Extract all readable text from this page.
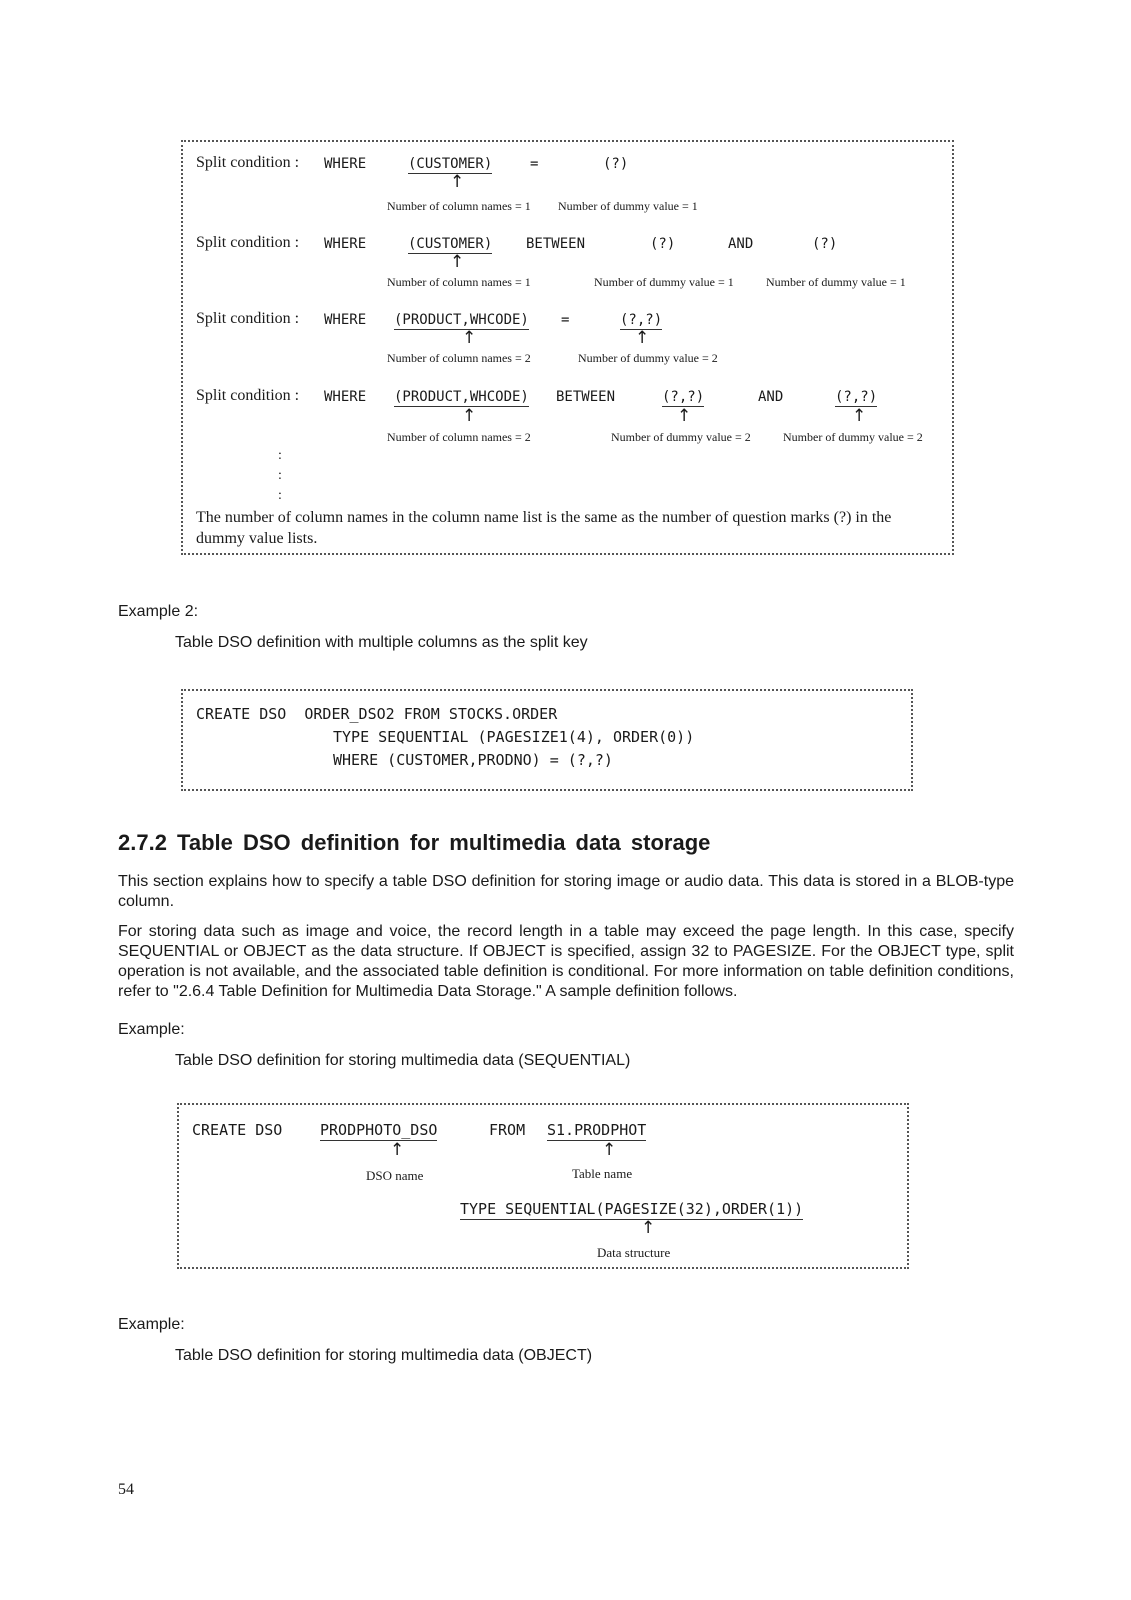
Split condition : WHERE	(CUSTOMER)	=	(?)
↑
Number of column names = 1 Number of dummy value = 1
Split condition : WHERE	(CUSTOMER) BETWEEN	(?)	AND	(?)
↑
Number of column names = 1	Number of dummy value = 1	Number of dummy value = 1
Split condition : WHERE (PRODUCT,WHCODE) =	(?,?)
↑	↑
Number of column names = 2	Number of dummy value = 2
Split condition : WHERE (PRODUCT,WHCODE) BETWEEN	(?,?)	AND	(?,?)
↑	↑	↑
Number of column names = 2	Number of dummy value = 2	Number of dummy value = 2
:
:
:
The number of column names in the column name list is the same as the number of question marks (?) in the dummy value lists.
Example 2:
Table DSO definition with multiple columns as the split key
CREATE DSO  ORDER_DSO2 FROM STOCKS.ORDER
TYPE SEQUENTIAL (PAGESIZE1(4), ORDER(0))
WHERE (CUSTOMER,PRODNO) = (?,?)
2.7.2 Table DSO definition for multimedia data storage
This section explains how to specify a table DSO definition for storing image or audio data. This data is stored in a BLOB-type column.
For storing data such as image and voice, the record length in a table may exceed the page length. In this case, specify SEQUENTIAL or OBJECT as the data structure. If OBJECT is specified, assign 32 to PAGESIZE. For the OBJECT type, split operation is not available, and the associated table definition is conditional. For more information on table definition conditions, refer to "2.6.4 Table Definition for Multimedia Data Storage." A sample definition follows.
Example:
Table DSO definition for storing multimedia data (SEQUENTIAL)
CREATE DSO	PRODPHOTO_DSO	FROM S1.PRODPHOT
↑	↑
DSO name	Table name
TYPE SEQUENTIAL(PAGESIZE(32),ORDER(1))
↑
Data structure
Example:
Table DSO definition for storing multimedia data (OBJECT)
54
